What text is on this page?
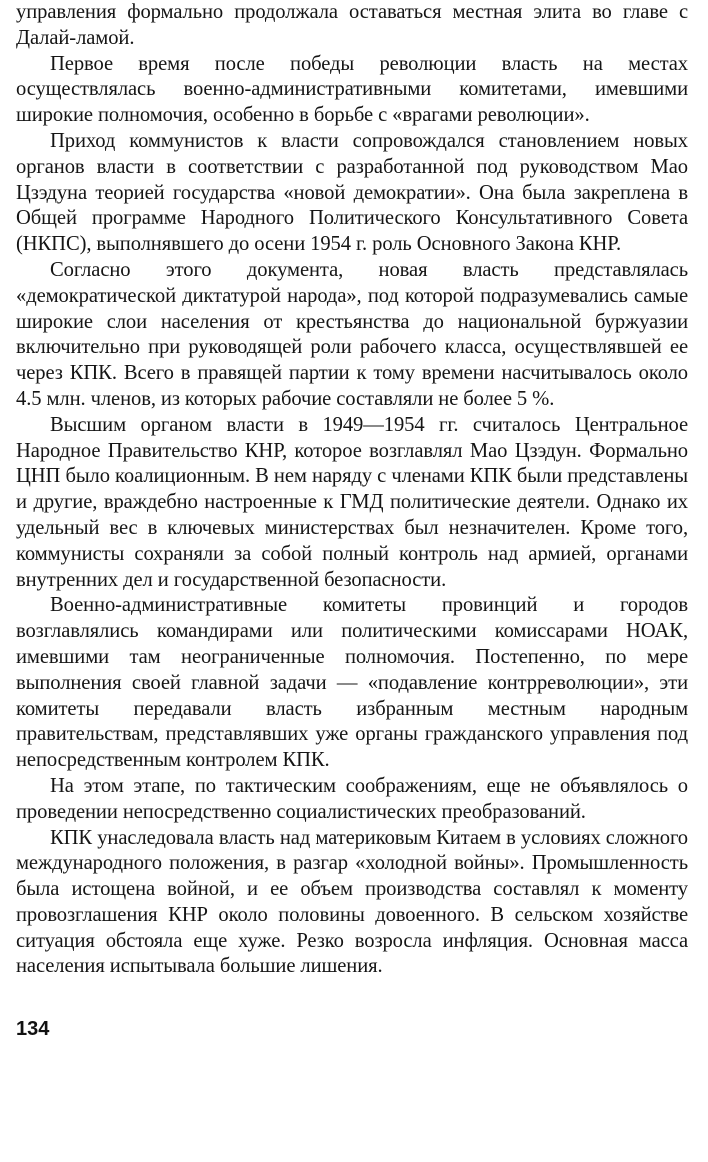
управления формально продолжала оставаться местная элита во главе с Далай-ламой.

Первое время после победы революции власть на местах осуществлялась военно-административными комитетами, имевшими широкие полномочия, особенно в борьбе с «врагами революции».

Приход коммунистов к власти сопровождался становлением новых органов власти в соответствии с разработанной под руководством Мао Цзэдуна теорией государства «новой демократии». Она была закреплена в Общей программе Народного Политического Консультативного Совета (НКПС), выполнявшего до осени 1954 г. роль Основного Закона КНР.

Согласно этого документа, новая власть представлялась «демократической диктатурой народа», под которой подразумевались самые широкие слои населения от крестьянства до национальной буржуазии включительно при руководящей роли рабочего класса, осуществлявшей ее через КПК. Всего в правящей партии к тому времени насчитывалось около 4.5 млн. членов, из которых рабочие составляли не более 5 %.

Высшим органом власти в 1949—1954 гг. считалось Центральное Народное Правительство КНР, которое возглавлял Мао Цзэдун. Формально ЦНП было коалиционным. В нем наряду с членами КПК были представлены и другие, враждебно настроенные к ГМД политические деятели. Однако их удельный вес в ключевых министерствах был незначителен. Кроме того, коммунисты сохраняли за собой полный контроль над армией, органами внутренних дел и государственной безопасности.

Военно-административные комитеты провинций и городов возглавлялись командирами или политическими комиссарами НОАК, имевшими там неограниченные полномочия. Постепенно, по мере выполнения своей главной задачи — «подавление контрреволюции», эти комитеты передавали власть избранным местным народным правительствам, представлявших уже органы гражданского управления под непосредственным контролем КПК.

На этом этапе, по тактическим соображениям, еще не объявлялось о проведении непосредственно социалистических преобразований.

КПК унаследовала власть над материковым Китаем в условиях сложного международного положения, в разгар «холодной войны». Промышленность была истощена войной, и ее объем производства составлял к моменту провозглашения КНР около половины довоенного. В сельском хозяйстве ситуация обстояла еще хуже. Резко возросла инфляция. Основная масса населения испытывала большие лишения.

134
